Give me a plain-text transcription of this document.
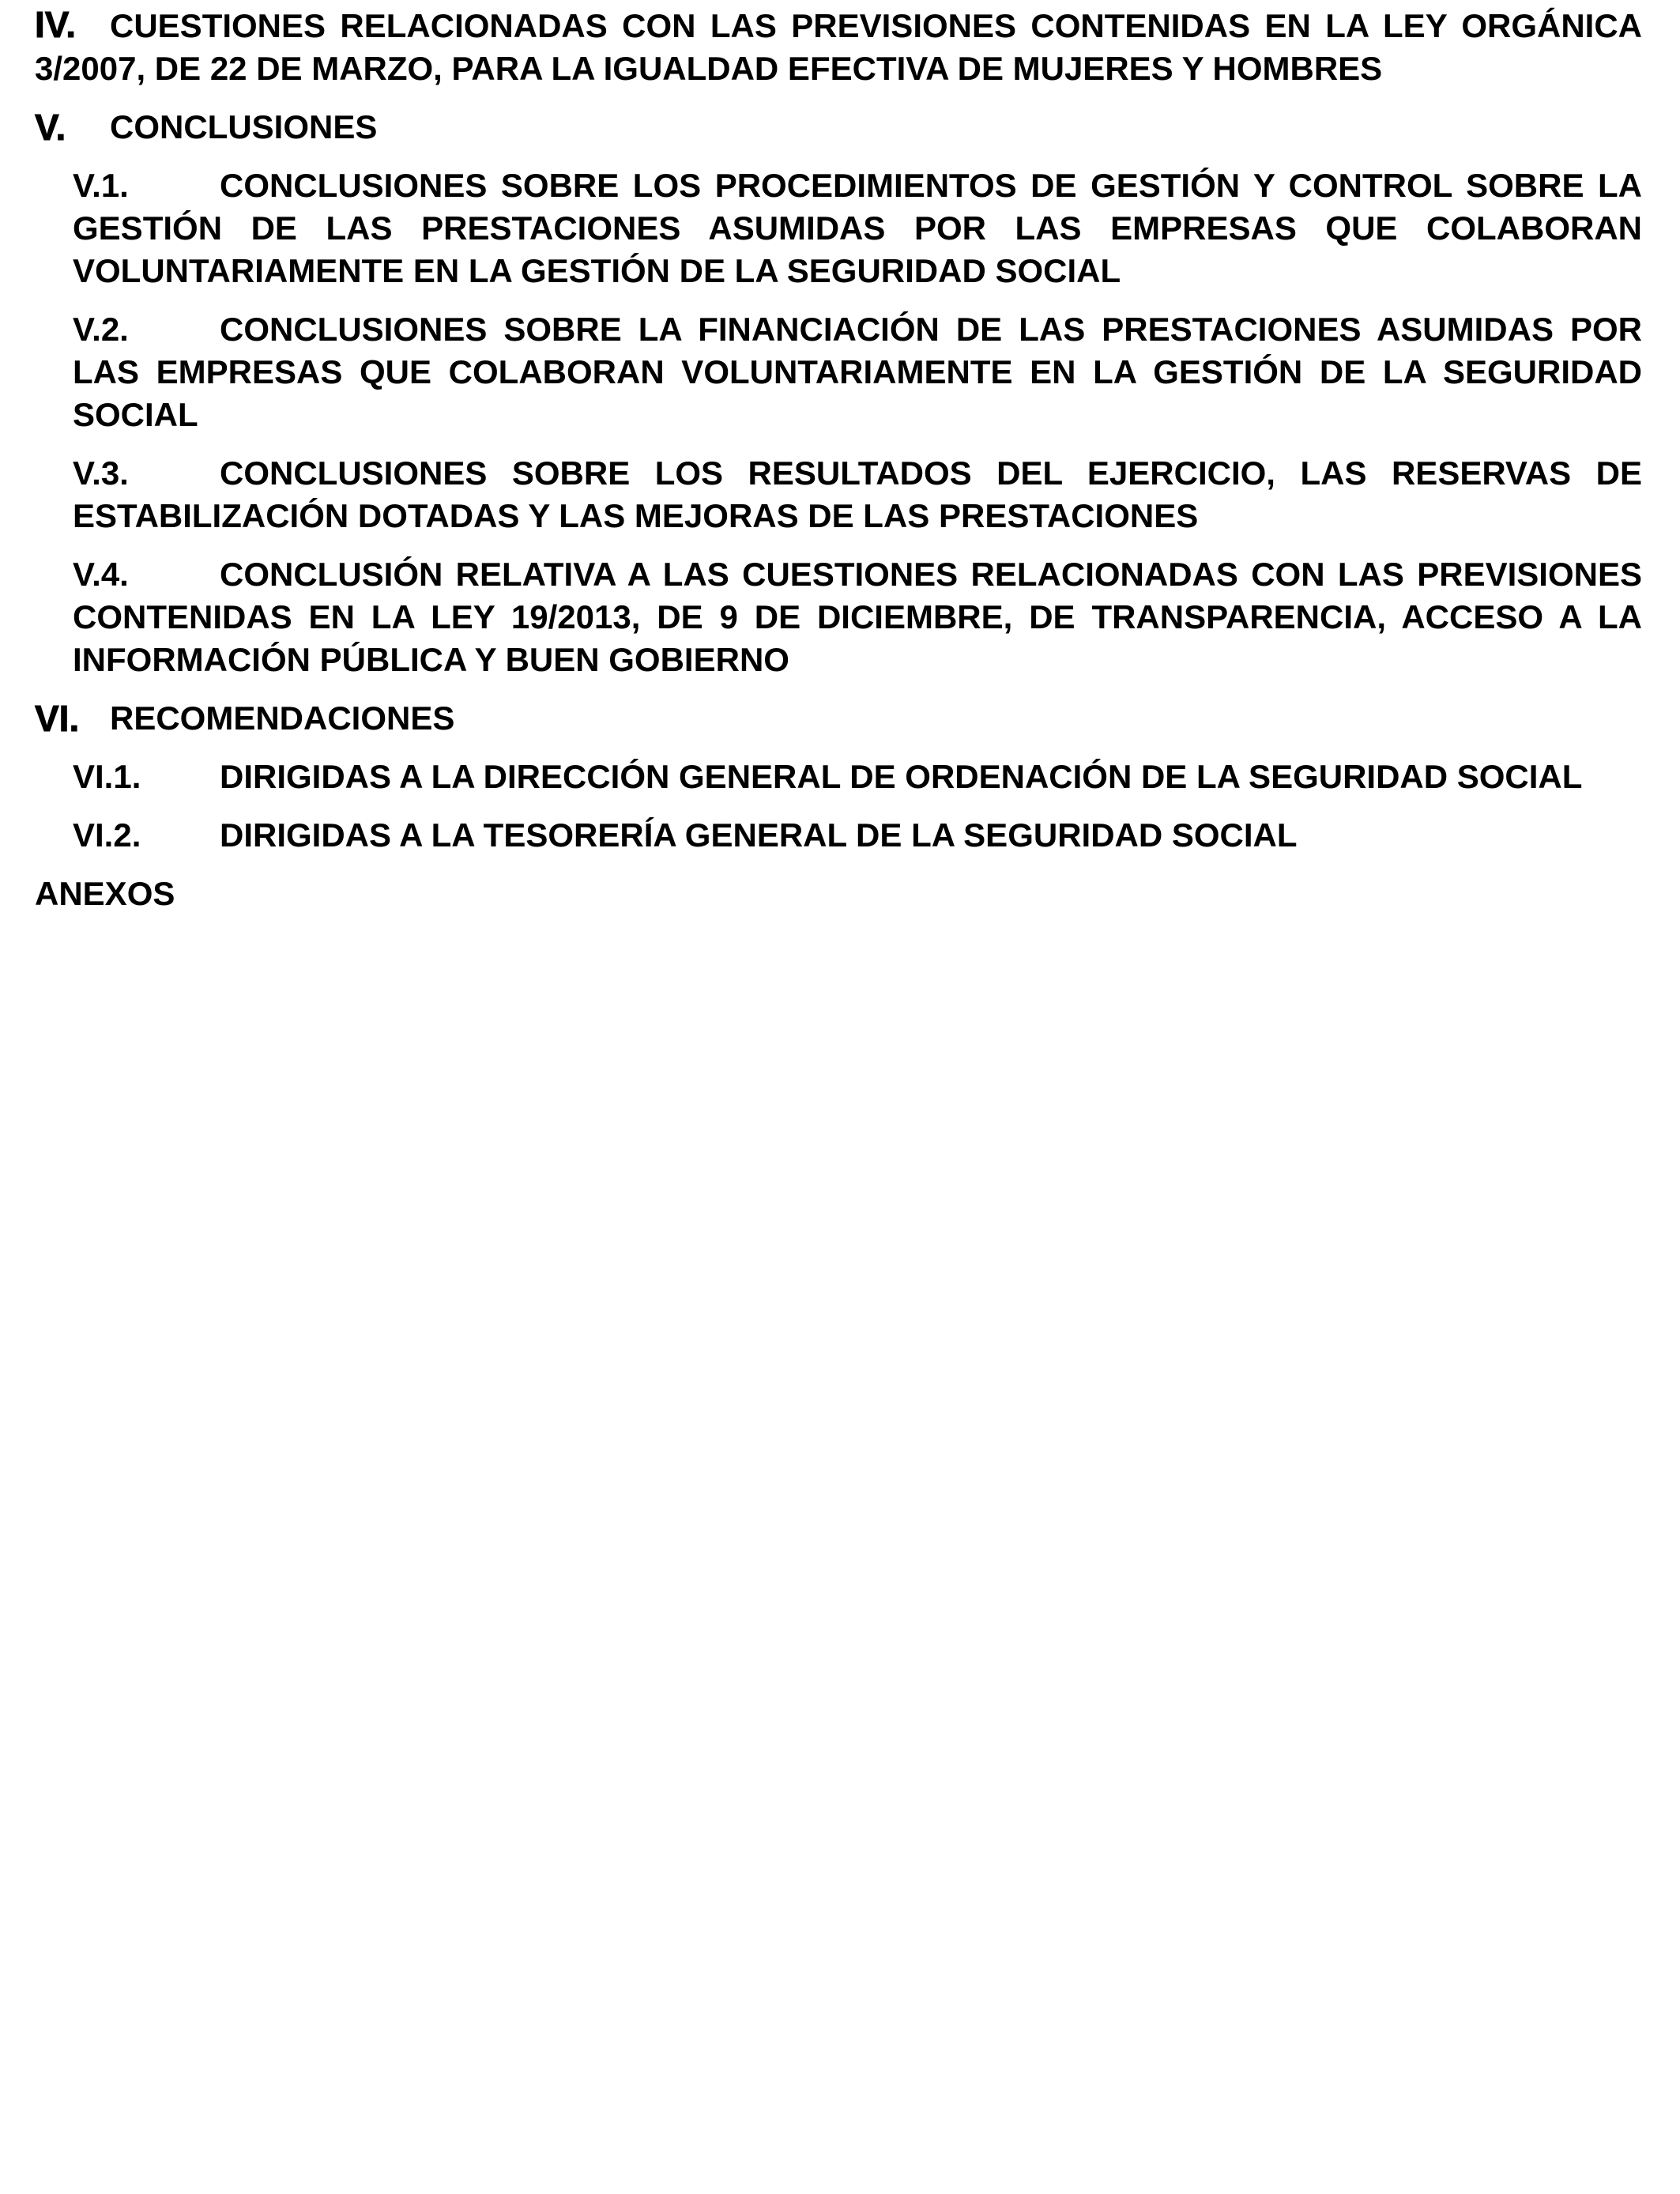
IV. CUESTIONES RELACIONADAS CON LAS PREVISIONES CONTENIDAS EN LA LEY ORGÁNICA 3/2007, DE 22 DE MARZO, PARA LA IGUALDAD EFECTIVA DE MUJERES Y HOMBRES

V. CONCLUSIONES

V.1.	CONCLUSIONES SOBRE LOS PROCEDIMIENTOS DE GESTIÓN Y CONTROL SOBRE LA GESTIÓN DE LAS PRESTACIONES ASUMIDAS POR LAS EMPRESAS QUE COLABORAN VOLUNTARIAMENTE EN LA GESTIÓN DE LA SEGURIDAD SOCIAL

V.2.	CONCLUSIONES SOBRE LA FINANCIACIÓN DE LAS PRESTACIONES ASUMIDAS POR LAS EMPRESAS QUE COLABORAN VOLUNTARIAMENTE EN LA GESTIÓN DE LA SEGURIDAD SOCIAL

V.3.	CONCLUSIONES SOBRE LOS RESULTADOS DEL EJERCICIO, LAS RESERVAS DE ESTABILIZACIÓN DOTADAS Y LAS MEJORAS DE LAS PRESTACIONES

V.4.	CONCLUSIÓN RELATIVA A LAS CUESTIONES RELACIONADAS CON LAS PREVISIONES CONTENIDAS EN LA LEY 19/2013, DE 9 DE DICIEMBRE, DE TRANSPARENCIA, ACCESO A LA INFORMACIÓN PÚBLICA Y BUEN GOBIERNO

VI. RECOMENDACIONES

VI.1. DIRIGIDAS A LA DIRECCIÓN GENERAL DE ORDENACIÓN DE LA SEGURIDAD SOCIAL

VI.2. DIRIGIDAS A LA TESORERÍA GENERAL DE LA SEGURIDAD SOCIAL

ANEXOS
